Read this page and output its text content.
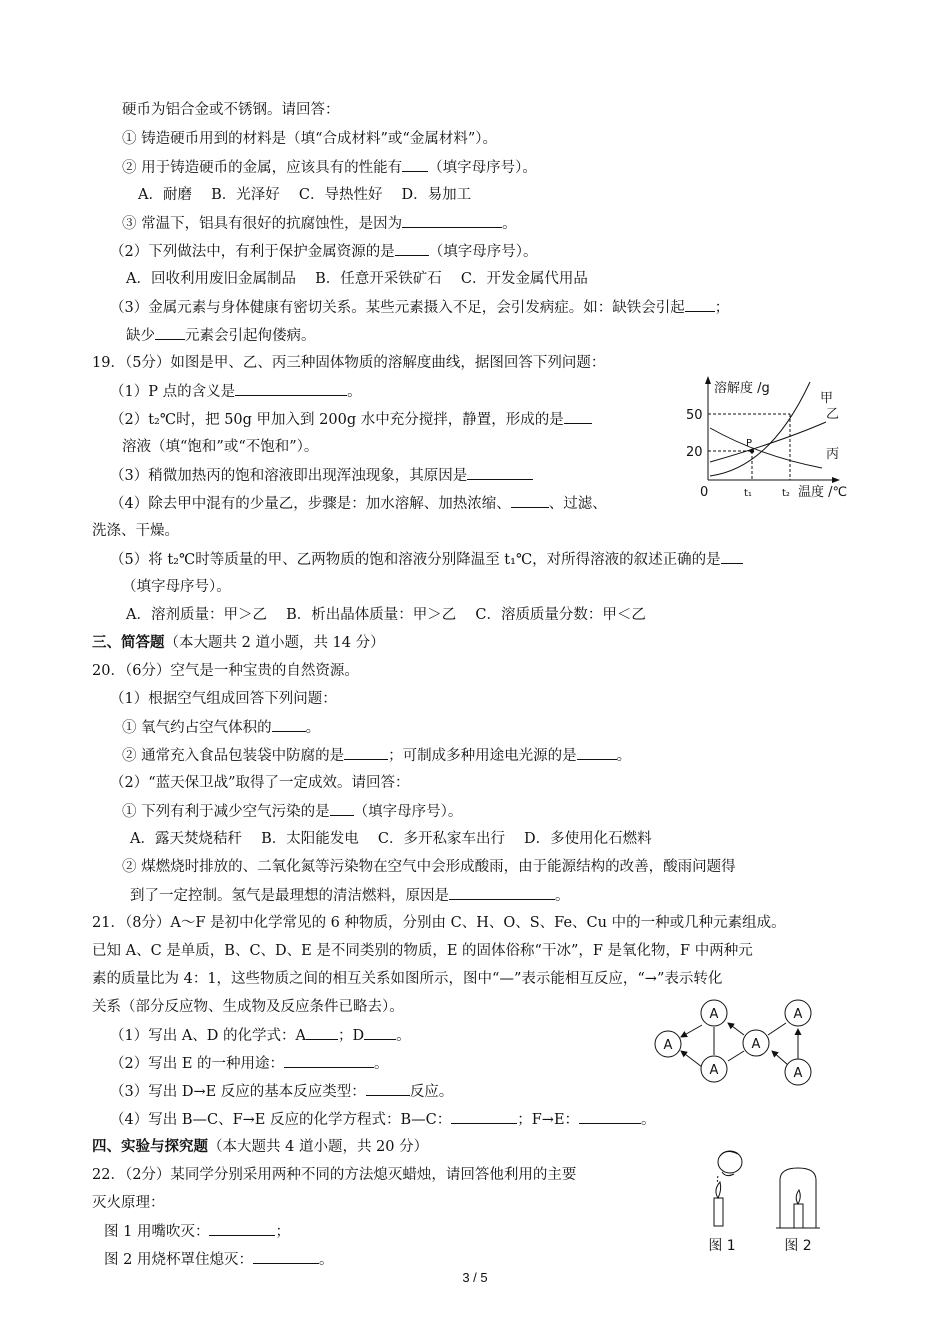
硬币为铝合金或不锈钢。请回答：
① 铸造硬币用到的材料是（填“合成材料”或“金属材料”）。
② 用于铸造硬币的金属，应该具有的性能有 （填字母序号）。
A．耐磨　 B．光泽好　 C．导热性好　 D．易加工
③ 常温下，铝具有很好的抗腐蚀性，是因为	。
（2）下列做法中，有利于保护金属资源的是 （填字母序号）。
A．回收利用废旧金属制品　 B．任意开采铁矿石　 C．开发金属代用品
（3）金属元素与身体健康有密切关系。某些元素摄入不足，会引发病症。如：缺铁会引起 ；
缺少 元素会引起佝偻病。
19．（5分）如图是甲、乙、丙三种固体物质的溶解度曲线，据图回答下列问题：
（1）P 点的含义是	。
（2）t₂℃时，把 50g 甲加入到 200g 水中充分搅拌，静置，形成的是
溶液（填“饱和”或“不饱和”）。
（3）稍微加热丙的饱和溶液即出现浑浊现象，其原因是
（4）除去甲中混有的少量乙，步骤是：加水溶解、加热浓缩、	、过滤、
洗涤、干燥。
（5）将 t₂℃时等质量的甲、乙两物质的饱和溶液分别降温至 t₁℃，对所得溶液的叙述正确的是
（填字母序号）。
A．溶剂质量：甲＞乙　 B．析出晶体质量：甲＞乙　 C．溶质质量分数：甲＜乙
三、简答题（本大题共 2 道小题，共 14 分）
20．（6分）空气是一种宝贵的自然资源。
（1）根据空气组成回答下列问题：
① 氧气约占空气体积的 。
② 通常充入食品包装袋中防腐的是	；可制成多种用途电光源的是	。
（2）“蓝天保卫战”取得了一定成效。请回答：
① 下列有利于减少空气污染的是 （填字母序号）。
A．露天焚烧秸秆　 B．太阳能发电　 C．多开私家车出行　 D．多使用化石燃料
② 煤燃烧时排放的、二氧化氮等污染物在空气中会形成酸雨，由于能源结构的改善，酸雨问题得
到了一定控制。氢气是最理想的清洁燃料，原因是	。
21．（8分）A～F 是初中化学常见的 6 种物质，分别由 C、H、O、S、Fe、Cu 中的一种或几种元素组成。
已知 A、C 是单质，B、C、D、E 是不同类别的物质，E 的固体俗称“干冰”，F 是氧化物，F 中两种元
素的质量比为 4：1，这些物质之间的相互关系如图所示，图中“—”表示能相互反应，“→”表示转化
关系（部分反应物、生成物及反应条件已略去）。
（1）写出 A、D 的化学式：A ；D 。
（2）写出 E 的一种用途：	。
（3）写出 D→E 反应的基本反应类型：	反应。
（4）写出 B—C、F→E 反应的化学方程式：B—C：	；F→E：	。
四、实验与探究题（本大题共 4 道小题，共 20 分）
22．（2分）某同学分别采用两种不同的方法熄灭蜡烛，请回答他利用的主要
灭火原理：
图 1 用嘴吹灭：	；
图 2 用烧杯罩住熄灭：	。
溶解度 /g
50
20
0	t₁	t₂ 温度 /℃
P
甲
乙
丙
A
A
A
A
A
A
图 1	图 2
3 / 5
